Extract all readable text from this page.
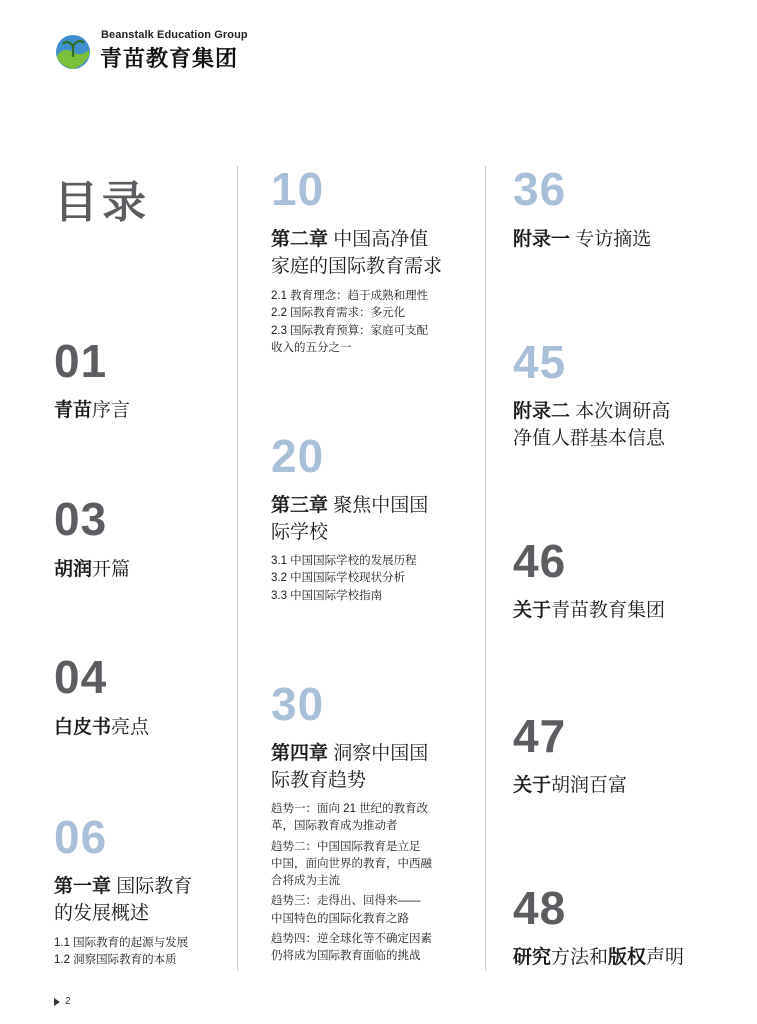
Beanstalk Education Group
青苗教育集团
目录
01
青苗序言
03
胡润开篇
04
白皮书亮点
06
第一章 国际教育
的发展概述
1.1 国际教育的起源与发展
1.2 洞察国际教育的本质
10
第二章 中国高净值
家庭的国际教育需求
2.1 教育理念：趋于成熟和理性
2.2 国际教育需求：多元化
2.3 国际教育预算：家庭可支配
收入的五分之一
20
第三章 聚焦中国国
际学校
3.1 中国国际学校的发展历程
3.2 中国国际学校现状分析
3.3 中国国际学校指南
30
第四章 洞察中国国
际教育趋势
趋势一：面向 21 世纪的教育改
革，国际教育成为推动者
趋势二：中国国际教育是立足
中国，面向世界的教育，中西融
合将成为主流
趋势三：走得出、回得来——
中国特色的国际化教育之路
趋势四：逆全球化等不确定因素
仍将成为国际教育面临的挑战
36
附录一 专访摘选
45
附录二 本次调研高
净值人群基本信息
46
关于青苗教育集团
47
关于胡润百富
48
研究方法和版权声明
2
